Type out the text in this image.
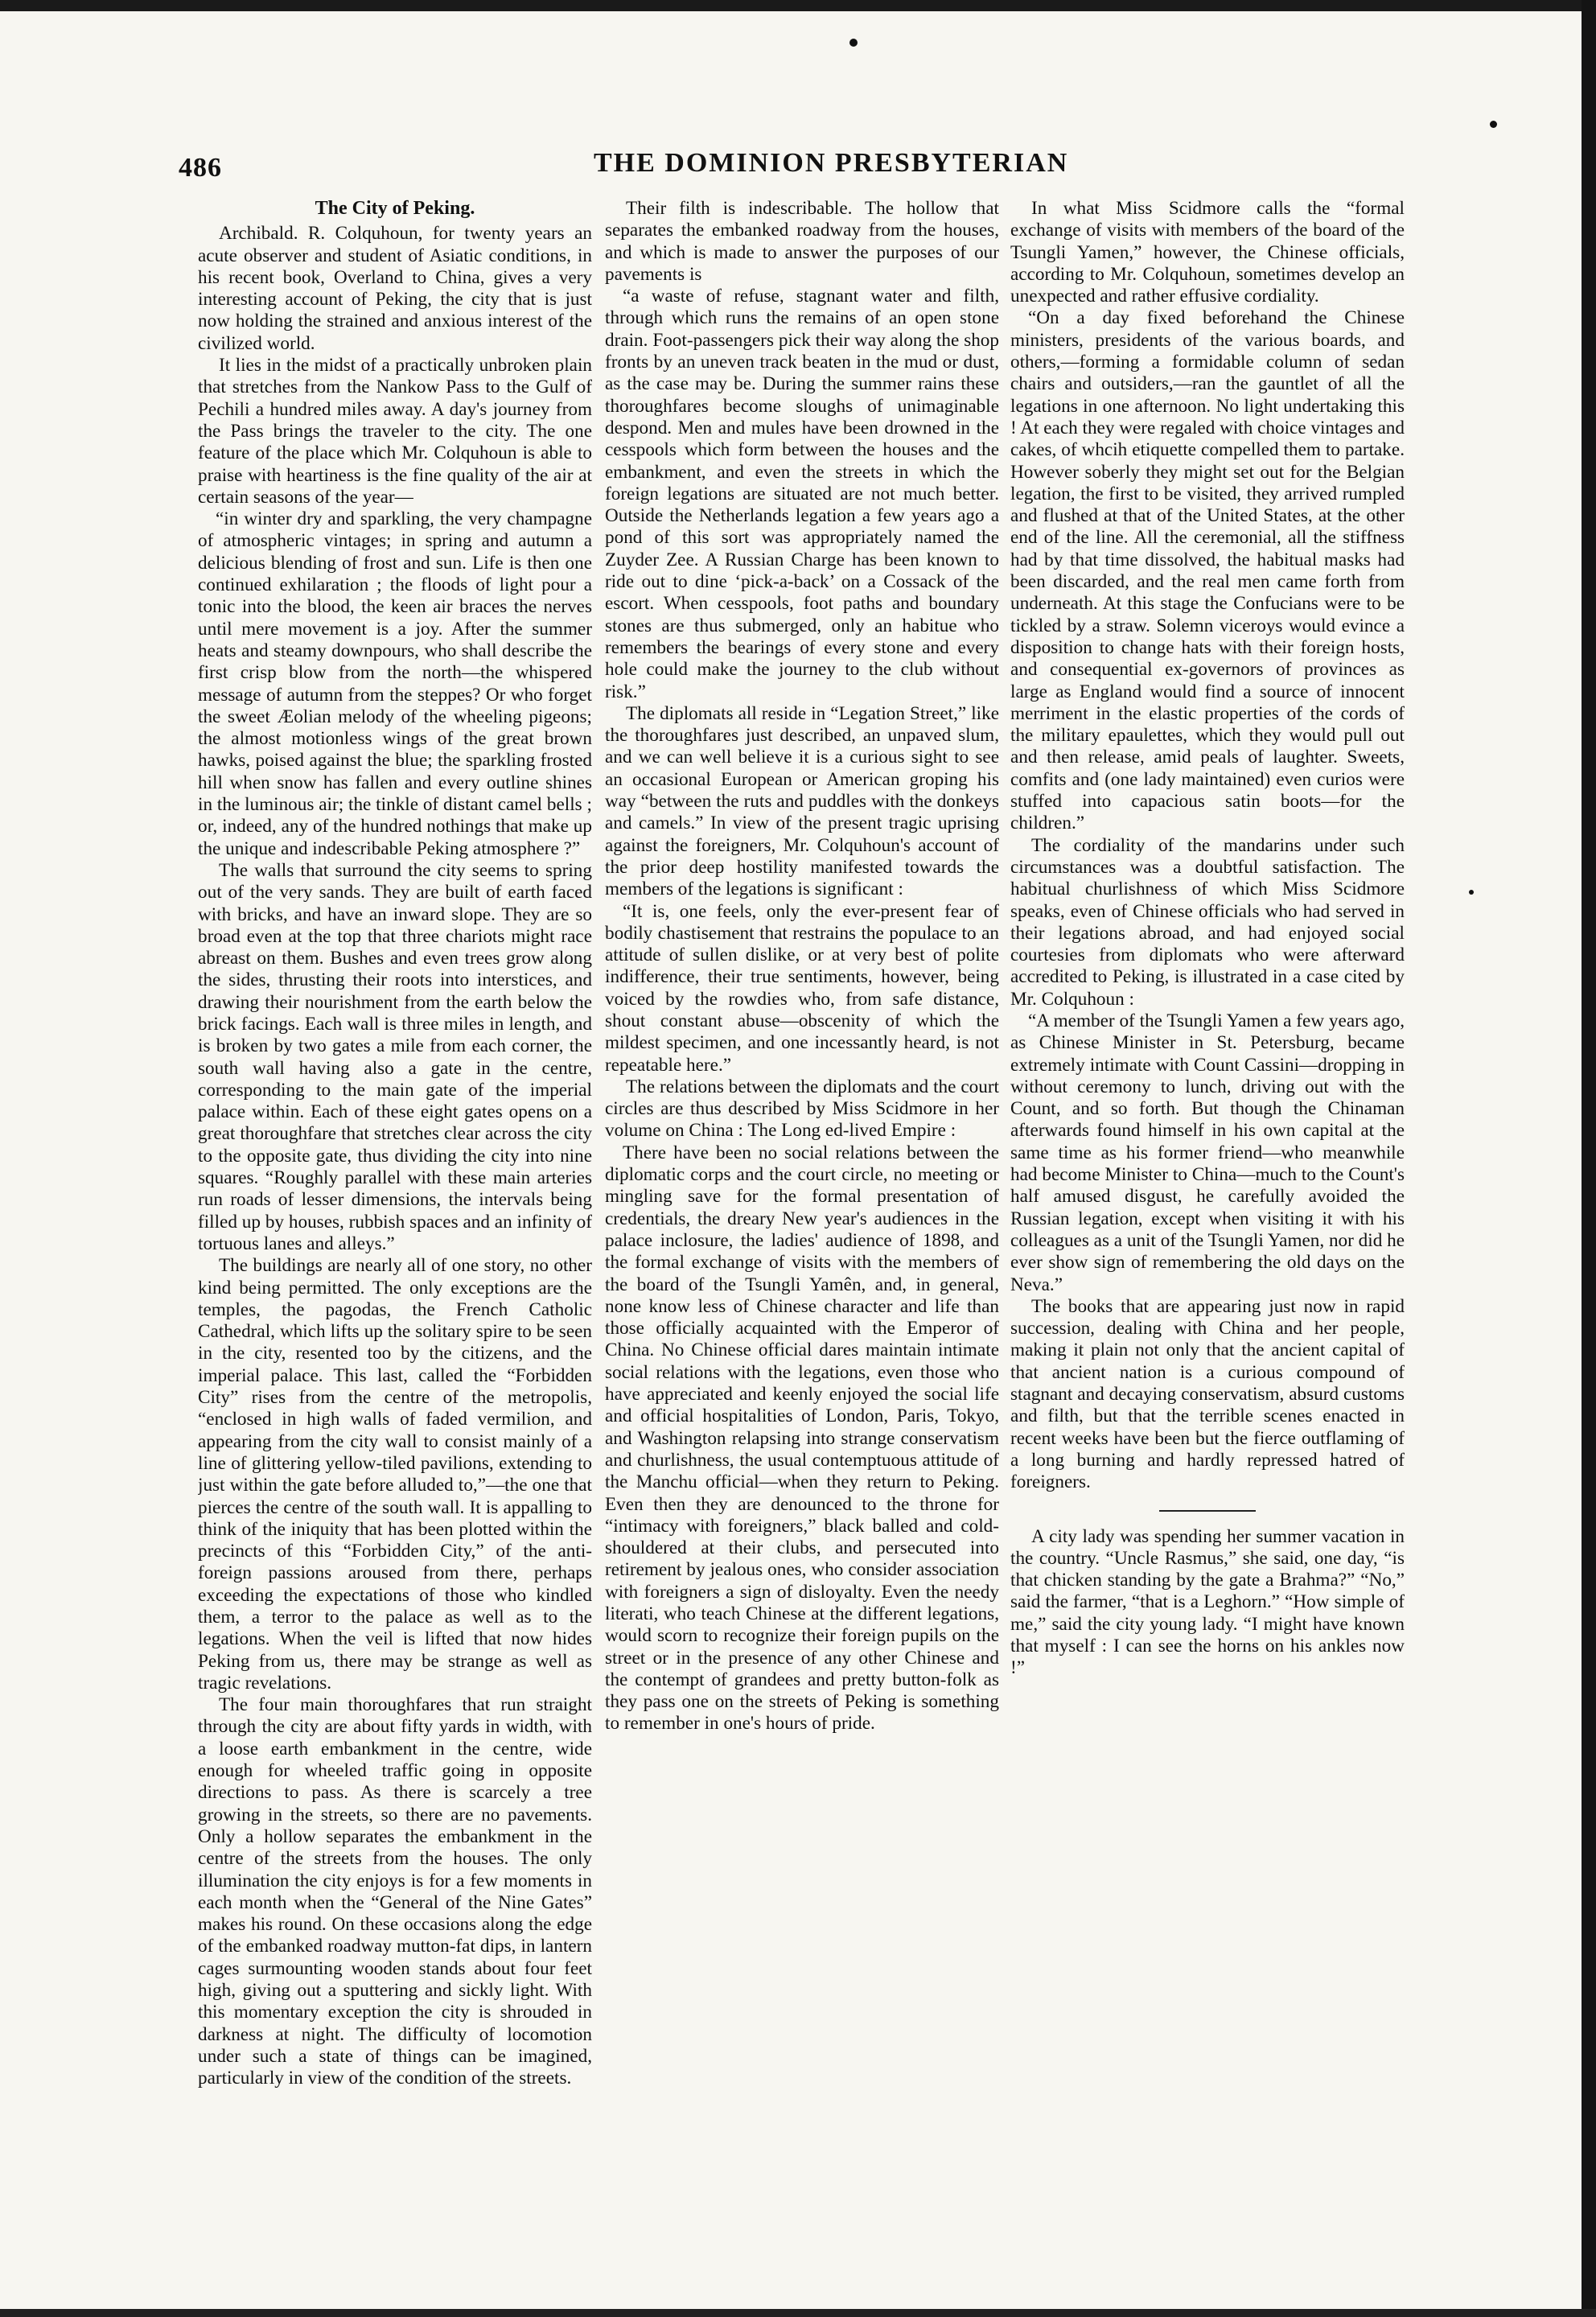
486	THE DOMINION PRESBYTERIAN
The City of Peking.

Archibald. R. Colquhoun, for twenty years an acute observer and student of Asiatic conditions, in his recent book, Overland to China, gives a very interesting account of Peking, the city that is just now holding the strained and anxious interest of the civilized world.

It lies in the midst of a practically unbroken plain that stretches from the Nankow Pass to the Gulf of Pechili a hundred miles away. A day's journey from the Pass brings the traveler to the city. The one feature of the place which Mr. Colquhoun is able to praise with heartiness is the fine quality of the air at certain seasons of the year—

“in winter dry and sparkling, the very champagne of atmospheric vintages; in spring and autumn a delicious blending of frost and sun. Life is then one continued exhilaration ; the floods of light pour a tonic into the blood, the keen air braces the nerves until mere movement is a joy. After the summer heats and steamy downpours, who shall describe the first crisp blow from the north—the whispered message of autumn from the steppes? Or who forget the sweet Æolian melody of the wheeling pigeons; the almost motionless wings of the great brown hawks, poised against the blue; the sparkling frosted hill when snow has fallen and every outline shines in the luminous air; the tinkle of distant camel bells ; or, indeed, any of the hundred nothings that make up the unique and indescribable Peking atmosphere ?”

The walls that surround the city seems to spring out of the very sands. They are built of earth faced with bricks, and have an inward slope. They are so broad even at the top that three chariots might race abreast on them. Bushes and even trees grow along the sides, thrusting their roots into interstices, and drawing their nourishment from the earth below the brick facings. Each wall is three miles in length, and is broken by two gates a mile from each corner, the south wall having also a gate in the centre, corresponding to the main gate of the imperial palace within. Each of these eight gates opens on a great thoroughfare that stretches clear across the city to the opposite gate, thus dividing the city into nine squares. “Roughly parallel with these main arteries run roads of lesser dimensions, the intervals being filled up by houses, rubbish spaces and an infinity of tortuous lanes and alleys.”

The buildings are nearly all of one story, no other kind being permitted. The only exceptions are the temples, the pagodas, the French Catholic Cathedral, which lifts up the solitary spire to be seen in the city, resented too by the citizens, and the imperial palace. This last, called the “Forbidden City” rises from the centre of the metropolis, “enclosed in high walls of faded vermilion, and appearing from the city wall to consist mainly of a line of glittering yellow-tiled pavilions, extending to just within the gate before alluded to,”—the one that pierces the centre of the south wall. It is appalling to think of the iniquity that has been plotted within the precincts of this “Forbidden City,” of the anti-foreign passions aroused from there, perhaps exceeding the expectations of those who kindled them, a terror to the palace as well as to the legations. When the veil is lifted that now hides Peking from us, there may be strange as well as tragic revelations.

The four main thoroughfares that run straight through the city are about fifty yards in width, with a loose earth embankment in the centre, wide enough for wheeled traffic going in opposite directions to pass. As there is scarcely a tree growing in the streets, so there are no pavements. Only a hollow separates the embankment in the centre of the streets from the houses. The only illumination the city enjoys is for a few moments in each month when the “General of the Nine Gates” makes his round. On these occasions along the edge of the embanked roadway mutton-fat dips, in lantern cages surmounting wooden stands about four feet high, giving out a sputtering and sickly light. With this momentary exception the city is shrouded in darkness at night. The difficulty of locomotion under such a state of things can be imagined, particularly in view of the condition of the streets.

Their filth is indescribable. The hollow that separates the embanked roadway from the houses, and which is made to answer the purposes of our pavements is

“a waste of refuse, stagnant water and filth, through which runs the remains of an open stone drain. Foot-passengers pick their way along the shop fronts by an uneven track beaten in the mud or dust, as the case may be. During the summer rains these thoroughfares become sloughs of unimaginable despond. Men and mules have been drowned in the cesspools which form between the houses and the embankment, and even the streets in which the foreign legations are situated are not much better. Outside the Netherlands legation a few years ago a pond of this sort was appropriately named the Zuyder Zee. A Russian Charge has been known to ride out to dine ‘pick-a-back’ on a Cossack of the escort. When cesspools, foot paths and boundary stones are thus submerged, only an habitue who remembers the bearings of every stone and every hole could make the journey to the club without risk.”

The diplomats all reside in “Legation Street,” like the thoroughfares just described, an unpaved slum, and we can well believe it is a curious sight to see an occasional European or American groping his way “between the ruts and puddles with the donkeys and camels.” In view of the present tragic uprising against the foreigners, Mr. Colquhoun's account of the prior deep hostility manifested towards the members of the legations is significant :

“It is, one feels, only the ever-present fear of bodily chastisement that restrains the populace to an attitude of sullen dislike, or at very best of polite indifference, their true sentiments, however, being voiced by the rowdies who, from safe distance, shout constant abuse—obscenity of which the mildest specimen, and one incessantly heard, is not repeatable here.”

The relations between the diplomats and the court circles are thus described by Miss Scidmore in her volume on China : The Long ed-lived Empire :

There have been no social relations between the diplomatic corps and the court circle, no meeting or mingling save for the formal presentation of credentials, the dreary New year's audiences in the palace inclosure, the ladies' audience of 1898, and the formal exchange of visits with the members of the board of the Tsungli Yamên, and, in general, none know less of Chinese character and life than those officially acquainted with the Emperor of China. No Chinese official dares maintain intimate social relations with the legations, even those who have appreciated and keenly enjoyed the social life and official hospitalities of London, Paris, Tokyo, and Washington relapsing into strange conservatism and churlishness, the usual contemptuous attitude of the Manchu official—when they return to Peking. Even then they are denounced to the throne for “intimacy with foreigners,” black balled and cold-shouldered at their clubs, and persecuted into retirement by jealous ones, who consider association with foreigners a sign of disloyalty. Even the needy literati, who teach Chinese at the different legations, would scorn to recognize their foreign pupils on the street or in the presence of any other Chinese and the contempt of grandees and pretty button-folk as they pass one on the streets of Peking is something to remember in one's hours of pride.

In what Miss Scidmore calls the “formal exchange of visits with members of the board of the Tsungli Yamen,” however, the Chinese officials, according to Mr. Colquhoun, sometimes develop an unexpected and rather effusive cordiality.

“On a day fixed beforehand the Chinese ministers, presidents of the various boards, and others,—forming a formidable column of sedan chairs and outsiders,—ran the gauntlet of all the legations in one afternoon. No light undertaking this ! At each they were regaled with choice vintages and cakes, of whcih etiquette compelled them to partake. However soberly they might set out for the Belgian legation, the first to be visited, they arrived rumpled and flushed at that of the United States, at the other end of the line. All the ceremonial, all the stiffness had by that time dissolved, the habitual masks had been discarded, and the real men came forth from underneath. At this stage the Confucians were to be tickled by a straw. Solemn viceroys would evince a disposition to change hats with their foreign hosts, and consequential ex-governors of provinces as large as England would find a source of innocent merriment in the elastic properties of the cords of the military epaulettes, which they would pull out and then release, amid peals of laughter. Sweets, comfits and (one lady maintained) even curios were stuffed into capacious satin boots—for the children.”

The cordiality of the mandarins under such circumstances was a doubtful satisfaction. The habitual churlishness of which Miss Scidmore speaks, even of Chinese officials who had served in their legations abroad, and had enjoyed social courtesies from diplomats who were afterward accredited to Peking, is illustrated in a case cited by Mr. Colquhoun :

“A member of the Tsungli Yamen a few years ago, as Chinese Minister in St. Petersburg, became extremely intimate with Count Cassini—dropping in without ceremony to lunch, driving out with the Count, and so forth. But though the Chinaman afterwards found himself in his own capital at the same time as his former friend—who meanwhile had become Minister to China—much to the Count's half amused disgust, he carefully avoided the Russian legation, except when visiting it with his colleagues as a unit of the Tsungli Yamen, nor did he ever show sign of remembering the old days on the Neva.”

The books that are appearing just now in rapid succession, dealing with China and her people, making it plain not only that the ancient capital of that ancient nation is a curious compound of stagnant and decaying conservatism, absurd customs and filth, but that the terrible scenes enacted in recent weeks have been but the fierce outflaming of a long burning and hardly repressed hatred of foreigners.

A city lady was spending her summer vacation in the country. “Uncle Rasmus,” she said, one day, “is that chicken standing by the gate a Brahma?” “No,” said the farmer, “that is a Leghorn.” “How simple of me,” said the city young lady. “I might have known that myself : I can see the horns on his ankles now !”
